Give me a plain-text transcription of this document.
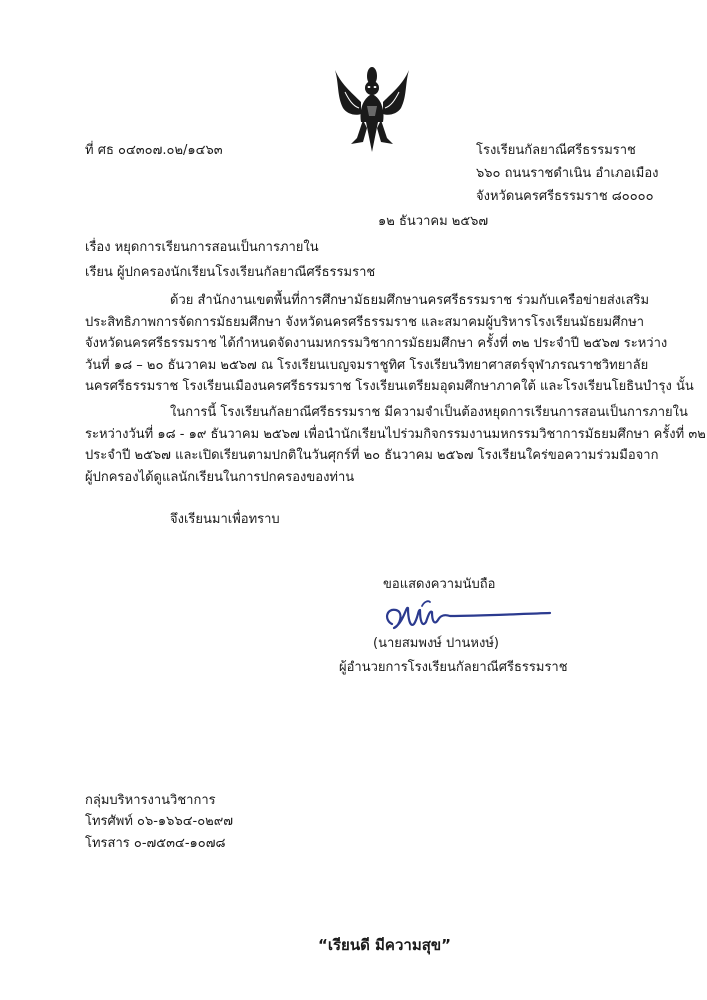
ที่ ศธ ๐๔๓๐๗.๐๒/๑๔๖๓	โรงเรียนกัลยาณีศรีธรรมราช
๖๖๐ ถนนราชดำเนิน อำเภอเมือง
จังหวัดนครศรีธรรมราช ๘๐๐๐๐
๑๒ ธันวาคม ๒๕๖๗
เรื่อง หยุดการเรียนการสอนเป็นการภายใน
เรียน ผู้ปกครองนักเรียนโรงเรียนกัลยาณีศรีธรรมราช
ด้วย สำนักงานเขตพื้นที่การศึกษามัธยมศึกษานครศรีธรรมราช ร่วมกับเครือข่ายส่งเสริม
ประสิทธิภาพการจัดการมัธยมศึกษา จังหวัดนครศรีธรรมราช และสมาคมผู้บริหารโรงเรียนมัธยมศึกษา
จังหวัดนครศรีธรรมราช ได้กำหนดจัดงานมหกรรมวิชาการมัธยมศึกษา ครั้งที่ ๓๒ ประจำปี ๒๕๖๗ ระหว่าง
วันที่ ๑๘ – ๒๐ ธันวาคม ๒๕๖๗ ณ โรงเรียนเบญจมราชูทิศ โรงเรียนวิทยาศาสตร์จุฬาภรณราชวิทยาลัย
นครศรีธรรมราช โรงเรียนเมืองนครศรีธรรมราช โรงเรียนเตรียมอุดมศึกษาภาคใต้ และโรงเรียนโยธินบำรุง นั้น
ในการนี้ โรงเรียนกัลยาณีศรีธรรมราช มีความจำเป็นต้องหยุดการเรียนการสอนเป็นการภายใน
ระหว่างวันที่ ๑๘ - ๑๙ ธันวาคม ๒๕๖๗ เพื่อนำนักเรียนไปร่วมกิจกรรมงานมหกรรมวิชาการมัธยมศึกษา ครั้งที่ ๓๒
ประจำปี ๒๕๖๗ และเปิดเรียนตามปกติในวันศุกร์ที่ ๒๐ ธันวาคม ๒๕๖๗ โรงเรียนใคร่ขอความร่วมมือจาก
ผู้ปกครองได้ดูแลนักเรียนในการปกครองของท่าน
จึงเรียนมาเพื่อทราบ
ขอแสดงความนับถือ
(นายสมพงษ์ ปานหงษ์)
ผู้อำนวยการโรงเรียนกัลยาณีศรีธรรมราช
กลุ่มบริหารงานวิชาการ
โทรศัพท์ ๐๖-๑๖๖๔-๐๒๙๗
โทรสาร ๐-๗๕๓๔-๑๐๗๘
“เรียนดี มีความสุข”
